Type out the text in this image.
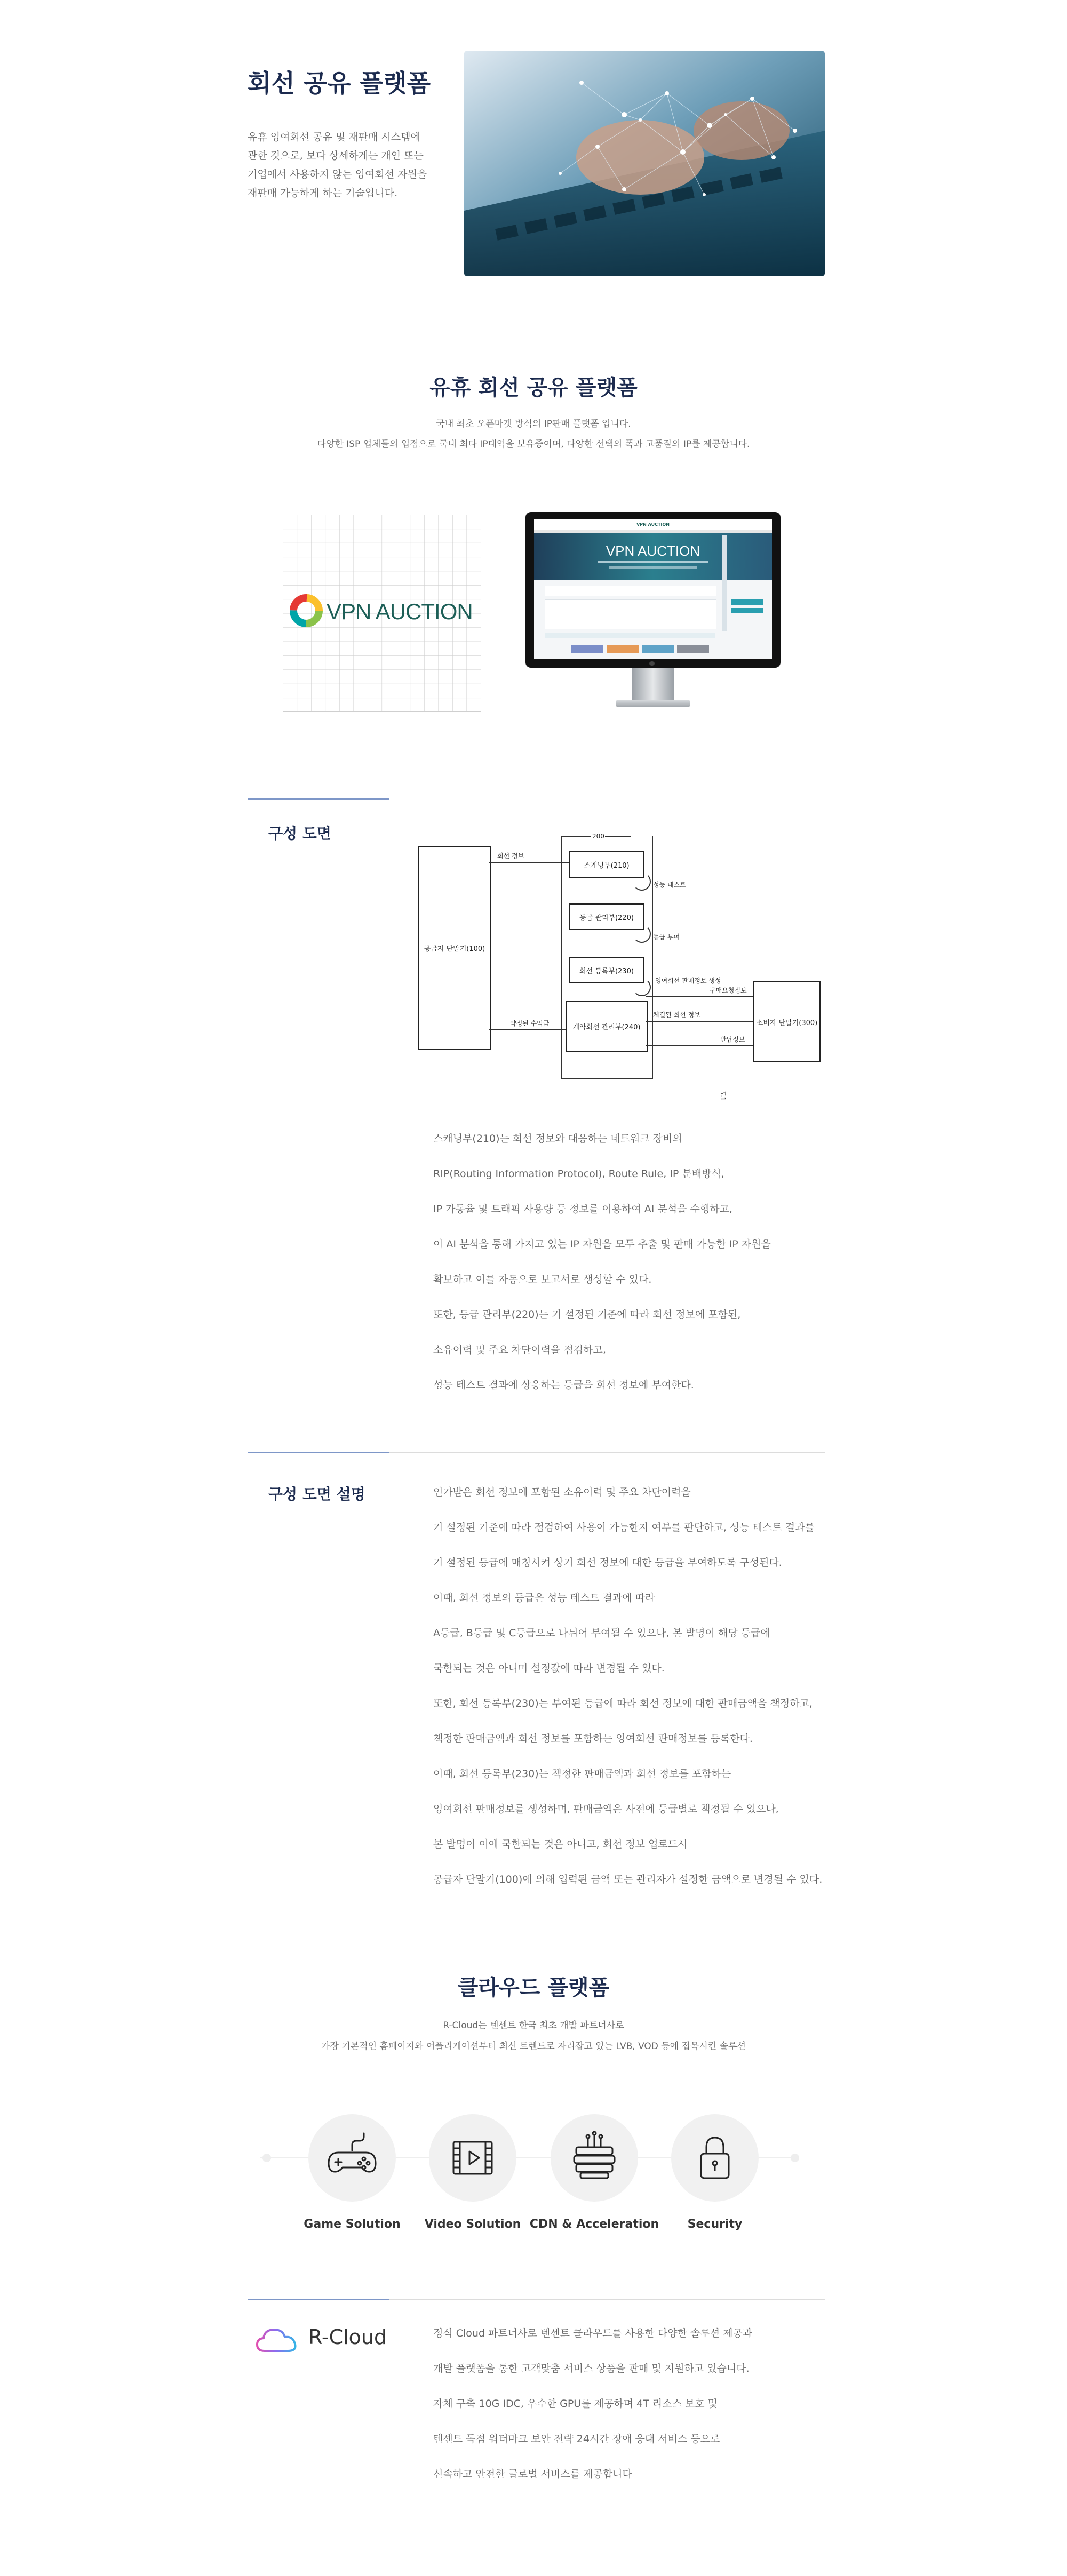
회선 공유 플랫폼
유휴 잉여회선 공유 및 재판매 시스템에
관한 것으로, 보다 상세하게는 개인 또는
기업에서 사용하지 않는 잉여회선 자원을
재판매 가능하게 하는 기술입니다.
유휴 회선 공유 플랫폼
국내 최초 오픈마켓 방식의 IP판매 플랫폼 입니다.
다양한 ISP 업체들의 입점으로 국내 최다 IP대역을 보유중이며, 다양한 선택의 폭과 고품질의 IP를 제공합니다.
VPN AUCTION
VPN AUCTION
VPN AUCTION
구성 도면	200
공급자 단말기(100)
스캐닝부(210)
등급 관리부(220)
회선 등록부(230)
계약회선 관리부(240)
소비자 단말기(300)
회선 정보
약정된 수익금
구매요청정보
체결된 회선 정보
반납정보
성능 테스트
등급 부여
잉여회선 판매정보 생성
도1
스캐닝부(210)는 회선 정보와 대응하는 네트워크 장비의
RIP(Routing Information Protocol), Route Rule, IP 분배방식,
IP 가동율 및 트래픽 사용량 등 정보를 이용하여 AI 분석을 수행하고,
이 AI 분석을 통해 가지고 있는 IP 자원을 모두 추출 및 판매 가능한 IP 자원을
확보하고 이를 자동으로 보고서로 생성할 수 있다.
또한, 등급 관리부(220)는 기 설정된 기준에 따라 회선 정보에 포함된,
소유이력 및 주요 차단이력을 점검하고,
성능 테스트 결과에 상응하는 등급을 회선 정보에 부여한다.
구성 도면 설명	인가받은 회선 정보에 포함된 소유이력 및 주요 차단이력을
기 설정된 기준에 따라 점검하여 사용이 가능한지 여부를 판단하고, 성능 테스트 결과를
기 설정된 등급에 매칭시켜 상기 회선 정보에 대한 등급을 부여하도록 구성된다.
이때, 회선 정보의 등급은 성능 테스트 결과에 따라
A등급, B등급 및 C등급으로 나뉘어 부여될 수 있으나, 본 발명이 해당 등급에
국한되는 것은 아니며 설정값에 따라 변경될 수 있다.
또한, 회선 등록부(230)는 부여된 등급에 따라 회선 정보에 대한 판매금액을 책정하고,
책정한 판매금액과 회선 정보를 포함하는 잉여회선 판매정보를 등록한다.
이때, 회선 등록부(230)는 책정한 판매금액과 회선 정보를 포함하는
잉여회선 판매정보를 생성하며, 판매금액은 사전에 등급별로 책정될 수 있으나,
본 발명이 이에 국한되는 것은 아니고, 회선 정보 업로드시
공급자 단말기(100)에 의해 입력된 금액 또는 관리자가 설정한 금액으로 변경될 수 있다.
클라우드 플랫폼
R-Cloud는 텐센트 한국 최초 개발 파트너사로
가장 기본적인 홈페이지와 어플리케이션부터 최신 트렌드로 자리잡고 있는 LVB, VOD 등에 접목시킨 솔루션
Game Solution	Video Solution CDN & Acceleration	Security
R-Cloud	정식 Cloud 파트너사로 텐센트 클라우드를 사용한 다양한 솔루션 제공과
개발 플랫폼을 통한 고객맞춤 서비스 상품을 판매 및 지원하고 있습니다.
자체 구축 10G IDC, 우수한 GPU를 제공하며 4T 리소스 보호 및
텐센트 독점 워터마크 보안 전략 24시간 장애 응대 서비스 등으로
신속하고 안전한 글로벌 서비스를 제공합니다
